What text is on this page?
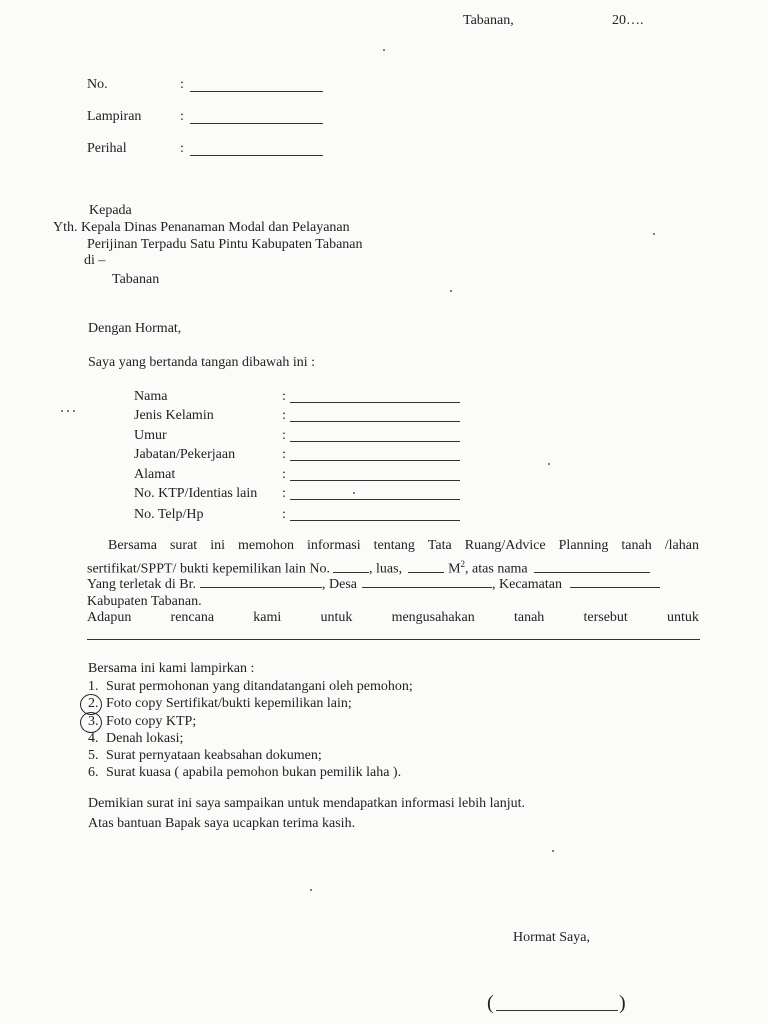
Tabanan,	20….
No.	:
Lampiran	:
Perihal	:
Kepada
Yth. Kepala Dinas Penanaman Modal dan Pelayanan
Perijinan Terpadu Satu Pintu Kabupaten Tabanan
di –
Tabanan
Dengan Hormat,
Saya yang bertanda tangan dibawah ini :
Nama	:
Jenis Kelamin	:
Umur	:
Jabatan/Pekerjaan	:
Alamat	:
No. KTP/Identias lain :
No. Telp/Hp	:
Bersama surat ini memohon informasi tentang Tata Ruang/Advice Planning tanah /lahan
sertifikat/SPPT/ bukti kepemilikan lain No.	, luas,	$M^2$, atas nama
Yang terletak di Br.	, Desa	, Kecamatan
Kabupaten Tabanan.
Adapun	rencana	kami	untuk	mengusahakan	tanah	tersebut	untuk
Bersama ini kami lampirkan :
1. Surat permohonan yang ditandatangani oleh pemohon;
2. Foto copy Sertifikat/bukti kepemilikan lain;
3. Foto copy KTP;
4. Denah lokasi;
5. Surat pernyataan keabsahan dokumen;
6. Surat kuasa ( apabila pemohon bukan pemilik laha ).
Demikian surat ini saya sampaikan untuk mendapatkan informasi lebih lanjut.
Atas bantuan Bapak saya ucapkan terima kasih.
Hormat Saya,
(	)
